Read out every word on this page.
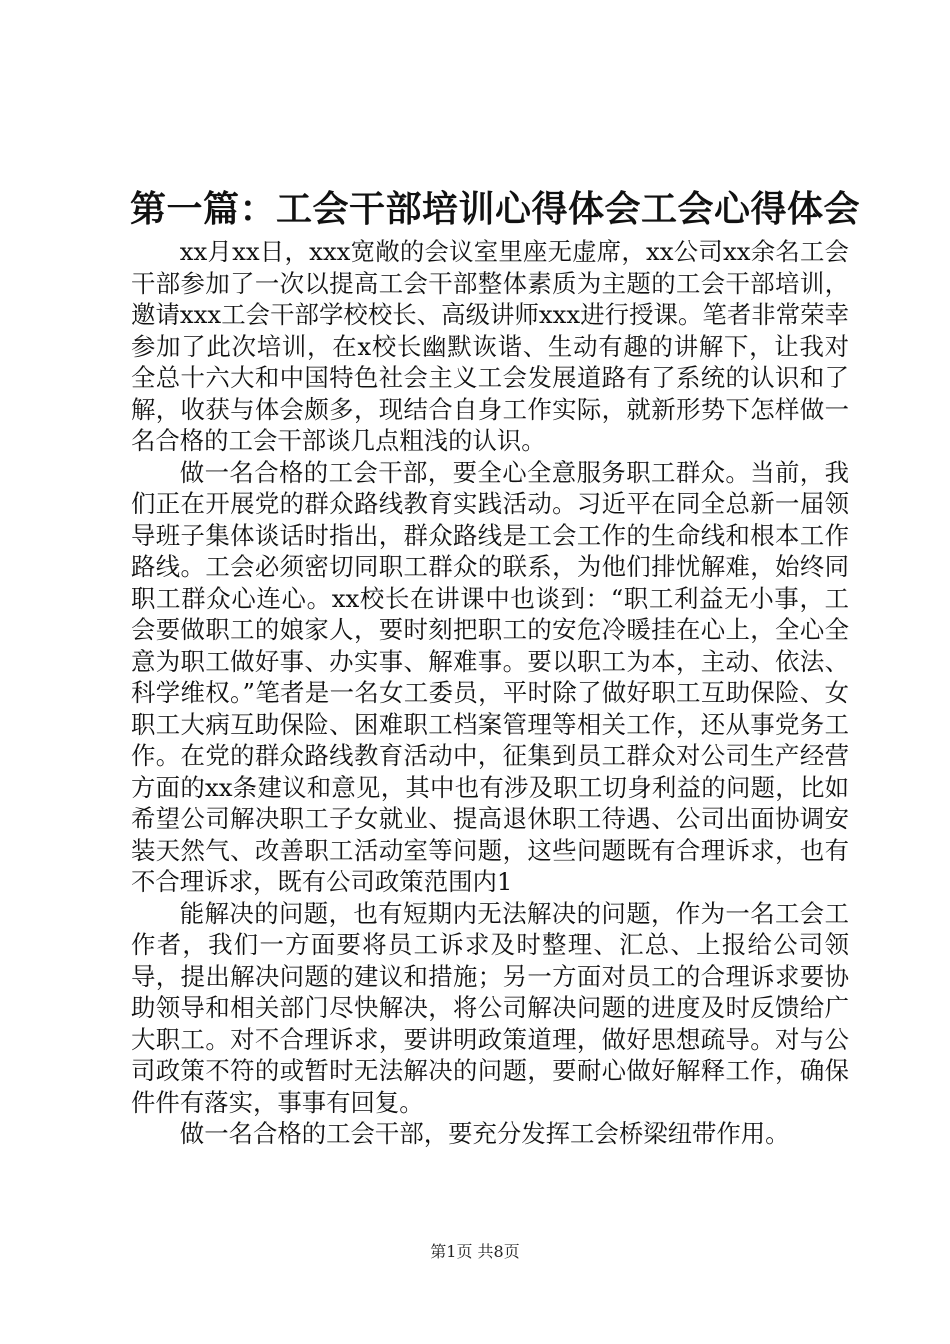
第一篇：工会干部培训心得体会工会心得体会

xx月xx日，xxx宽敞的会议室里座无虚席，xx公司xx余名工会干部参加了一次以提高工会干部整体素质为主题的工会干部培训，邀请xxx工会干部学校校长、高级讲师xxx进行授课。笔者非常荣幸参加了此次培训，在x校长幽默诙谐、生动有趣的讲解下，让我对全总十六大和中国特色社会主义工会发展道路有了系统的认识和了解，收获与体会颇多，现结合自身工作实际，就新形势下怎样做一名合格的工会干部谈几点粗浅的认识。

做一名合格的工会干部，要全心全意服务职工群众。当前，我们正在开展党的群众路线教育实践活动。习近平在同全总新一届领导班子集体谈话时指出，群众路线是工会工作的生命线和根本工作路线。工会必须密切同职工群众的联系，为他们排忧解难，始终同职工群众心连心。xx校长在讲课中也谈到：“职工利益无小事，工会要做职工的娘家人，要时刻把职工的安危冷暖挂在心上，全心全意为职工做好事、办实事、解难事。要以职工为本，主动、依法、科学维权。”笔者是一名女工委员，平时除了做好职工互助保险、女职工大病互助保险、困难职工档案管理等相关工作，还从事党务工作。在党的群众路线教育活动中，征集到员工群众对公司生产经营方面的xx条建议和意见，其中也有涉及职工切身利益的问题，比如希望公司解决职工子女就业、提高退休职工待遇、公司出面协调安装天然气、改善职工活动室等问题，这些问题既有合理诉求，也有不合理诉求，既有公司政策范围内1

能解决的问题，也有短期内无法解决的问题，作为一名工会工作者，我们一方面要将员工诉求及时整理、汇总、上报给公司领导，提出解决问题的建议和措施；另一方面对员工的合理诉求要协助领导和相关部门尽快解决，将公司解决问题的进度及时反馈给广大职工。对不合理诉求，要讲明政策道理，做好思想疏导。对与公司政策不符的或暂时无法解决的问题，要耐心做好解释工作，确保件件有落实，事事有回复。

做一名合格的工会干部，要充分发挥工会桥梁纽带作用。

第1页 共8页
